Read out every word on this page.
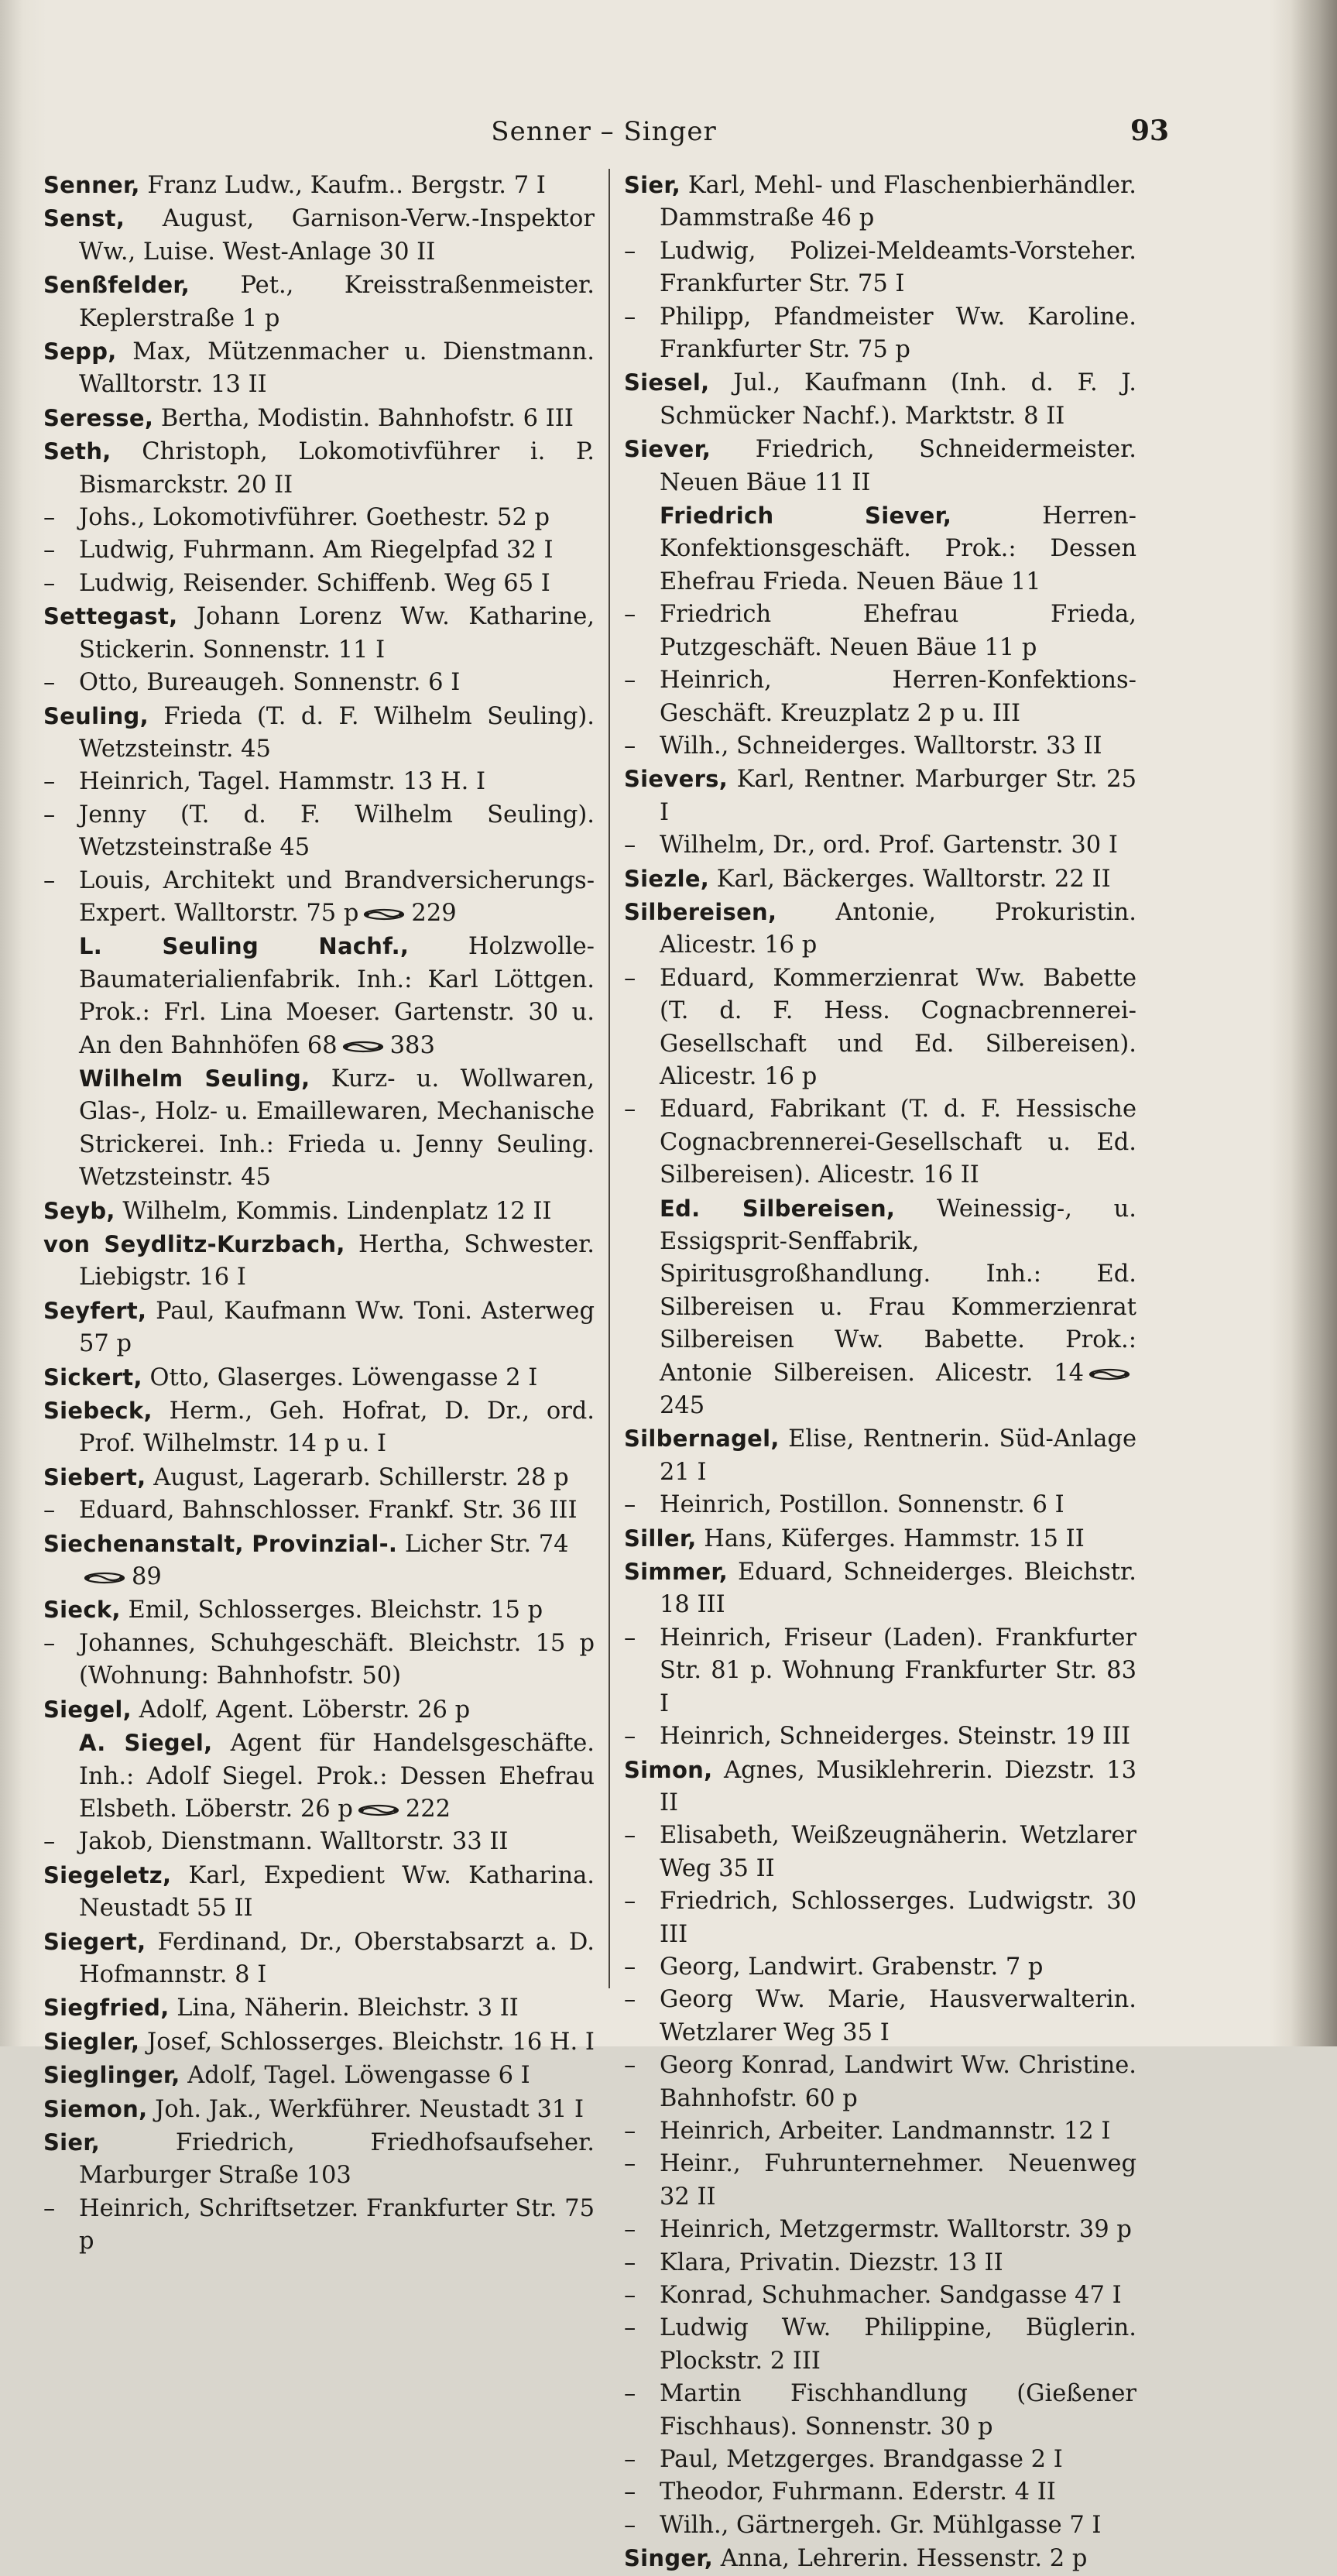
Senner – Singer	93
Senner, Franz Ludw., Kaufm.. Bergstr. 7 I
Senst, August, Garnison-Verw.-Inspektor Ww., Luise. West-Anlage 30 II
Senßfelder, Pet., Kreisstraßenmeister. Keplerstraße 1 p
Sepp, Max, Mützenmacher u. Dienstmann. Walltorstr. 13 II
Seresse, Bertha, Modistin. Bahnhofstr. 6 III
Seth, Christoph, Lokomotivführer i. P. Bismarckstr. 20 II
– Johs., Lokomotivführer. Goethestr. 52 p
– Ludwig, Fuhrmann. Am Riegelpfad 32 I
– Ludwig, Reisender. Schiffenb. Weg 65 I
Settegast, Johann Lorenz Ww. Katharine, Stickerin. Sonnenstr. 11 I
– Otto, Bureaugeh. Sonnenstr. 6 I
Seuling, Frieda (T. d. F. Wilhelm Seuling). Wetzsteinstr. 45
– Heinrich, Tagel. Hammstr. 13 H. I
– Jenny (T. d. F. Wilhelm Seuling). Wetzsteinstraße 45
– Louis, Architekt und Brandversicherungs-Expert. Walltorstr. 75 p 229
L. Seuling Nachf., Holzwolle-Baumaterialienfabrik. Inh.: Karl Löttgen. Prok.: Frl. Lina Moeser. Gartenstr. 30 u. An den Bahnhöfen 68 383
Wilhelm Seuling, Kurz- u. Wollwaren, Glas-, Holz- u. Emaillewaren, Mechanische Strickerei. Inh.: Frieda u. Jenny Seuling. Wetzsteinstr. 45
Seyb, Wilhelm, Kommis. Lindenplatz 12 II
von Seydlitz-Kurzbach, Hertha, Schwester. Liebigstr. 16 I
Seyfert, Paul, Kaufmann Ww. Toni. Asterweg 57 p
Sickert, Otto, Glaserges. Löwengasse 2 I
Siebeck, Herm., Geh. Hofrat, D. Dr., ord. Prof. Wilhelmstr. 14 p u. I
Siebert, August, Lagerarb. Schillerstr. 28 p
– Eduard, Bahnschlosser. Frankf. Str. 36 III
Siechenanstalt, Provinzial-. Licher Str. 74

89
Sieck, Emil, Schlosserges. Bleichstr. 15 p
– Johannes, Schuhgeschäft. Bleichstr. 15 p (Wohnung: Bahnhofstr. 50)
Siegel, Adolf, Agent. Löberstr. 26 p
A. Siegel, Agent für Handelsgeschäfte. Inh.: Adolf Siegel. Prok.: Dessen Ehefrau Elsbeth. Löberstr. 26 p 222
– Jakob, Dienstmann. Walltorstr. 33 II
Siegeletz, Karl, Expedient Ww. Katharina. Neustadt 55 II
Siegert, Ferdinand, Dr., Oberstabsarzt a. D. Hofmannstr. 8 I
Siegfried, Lina, Näherin. Bleichstr. 3 II
Siegler, Josef, Schlosserges. Bleichstr. 16 H. I
Sieglinger, Adolf, Tagel. Löwengasse 6 I
Siemon, Joh. Jak., Werkführer. Neustadt 31 I
Sier, Friedrich, Friedhofsaufseher. Marburger Straße 103
– Heinrich, Schriftsetzer. Frankfurter Str. 75 p
Sier, Karl, Mehl- und Flaschenbierhändler. Dammstraße 46 p
– Ludwig, Polizei-Meldeamts-Vorsteher. Frankfurter Str. 75 I
– Philipp, Pfandmeister Ww. Karoline. Frankfurter Str. 75 p
Siesel, Jul., Kaufmann (Inh. d. F. J. Schmücker Nachf.). Marktstr. 8 II
Siever, Friedrich, Schneidermeister. Neuen Bäue 11 II
Friedrich Siever, Herren-Konfektionsgeschäft. Prok.: Dessen Ehefrau Frieda. Neuen Bäue 11
– Friedrich Ehefrau Frieda, Putzgeschäft. Neuen Bäue 11 p
– Heinrich, Herren-Konfektions-Geschäft. Kreuzplatz 2 p u. III
– Wilh., Schneiderges. Walltorstr. 33 II
Sievers, Karl, Rentner. Marburger Str. 25 I
– Wilhelm, Dr., ord. Prof. Gartenstr. 30 I
Siezle, Karl, Bäckerges. Walltorstr. 22 II
Silbereisen, Antonie, Prokuristin. Alicestr. 16 p
– Eduard, Kommerzienrat Ww. Babette (T. d. F. Hess. Cognacbrennerei-Gesellschaft und Ed. Silbereisen). Alicestr. 16 p
– Eduard, Fabrikant (T. d. F. Hessische Cognacbrennerei-Gesellschaft u. Ed. Silbereisen). Alicestr. 16 II
Ed. Silbereisen, Weinessig-, u. Essigsprit-Senffabrik, Spiritusgroßhandlung. Inh.: Ed. Silbereisen u. Frau Kommerzienrat Silbereisen Ww. Babette. Prok.: Antonie Silbereisen. Alicestr. 14
245
Silbernagel, Elise, Rentnerin. Süd-Anlage 21 I
– Heinrich, Postillon. Sonnenstr. 6 I
Siller, Hans, Küferges. Hammstr. 15 II
Simmer, Eduard, Schneiderges. Bleichstr. 18 III
– Heinrich, Friseur (Laden). Frankfurter Str. 81 p. Wohnung Frankfurter Str. 83 I
– Heinrich, Schneiderges. Steinstr. 19 III
Simon, Agnes, Musiklehrerin. Diezstr. 13 II
– Elisabeth, Weißzeugnäherin. Wetzlarer Weg 35 II
– Friedrich, Schlosserges. Ludwigstr. 30 III
– Georg, Landwirt. Grabenstr. 7 p
– Georg Ww. Marie, Hausverwalterin. Wetzlarer Weg 35 I
– Georg Konrad, Landwirt Ww. Christine. Bahnhofstr. 60 p
– Heinrich, Arbeiter. Landmannstr. 12 I
– Heinr., Fuhrunternehmer. Neuenweg 32 II
– Heinrich, Metzgermstr. Walltorstr. 39 p
– Klara, Privatin. Diezstr. 13 II
– Konrad, Schuhmacher. Sandgasse 47 I
– Ludwig Ww. Philippine, Büglerin. Plockstr. 2 III
– Martin Fischhandlung (Gießener Fischhaus). Sonnenstr. 30 p
– Paul, Metzgerges. Brandgasse 2 I
– Theodor, Fuhrmann. Ederstr. 4 II
– Wilh., Gärtnergeh. Gr. Mühlgasse 7 I
Singer, Anna, Lehrerin. Hessenstr. 2 p
